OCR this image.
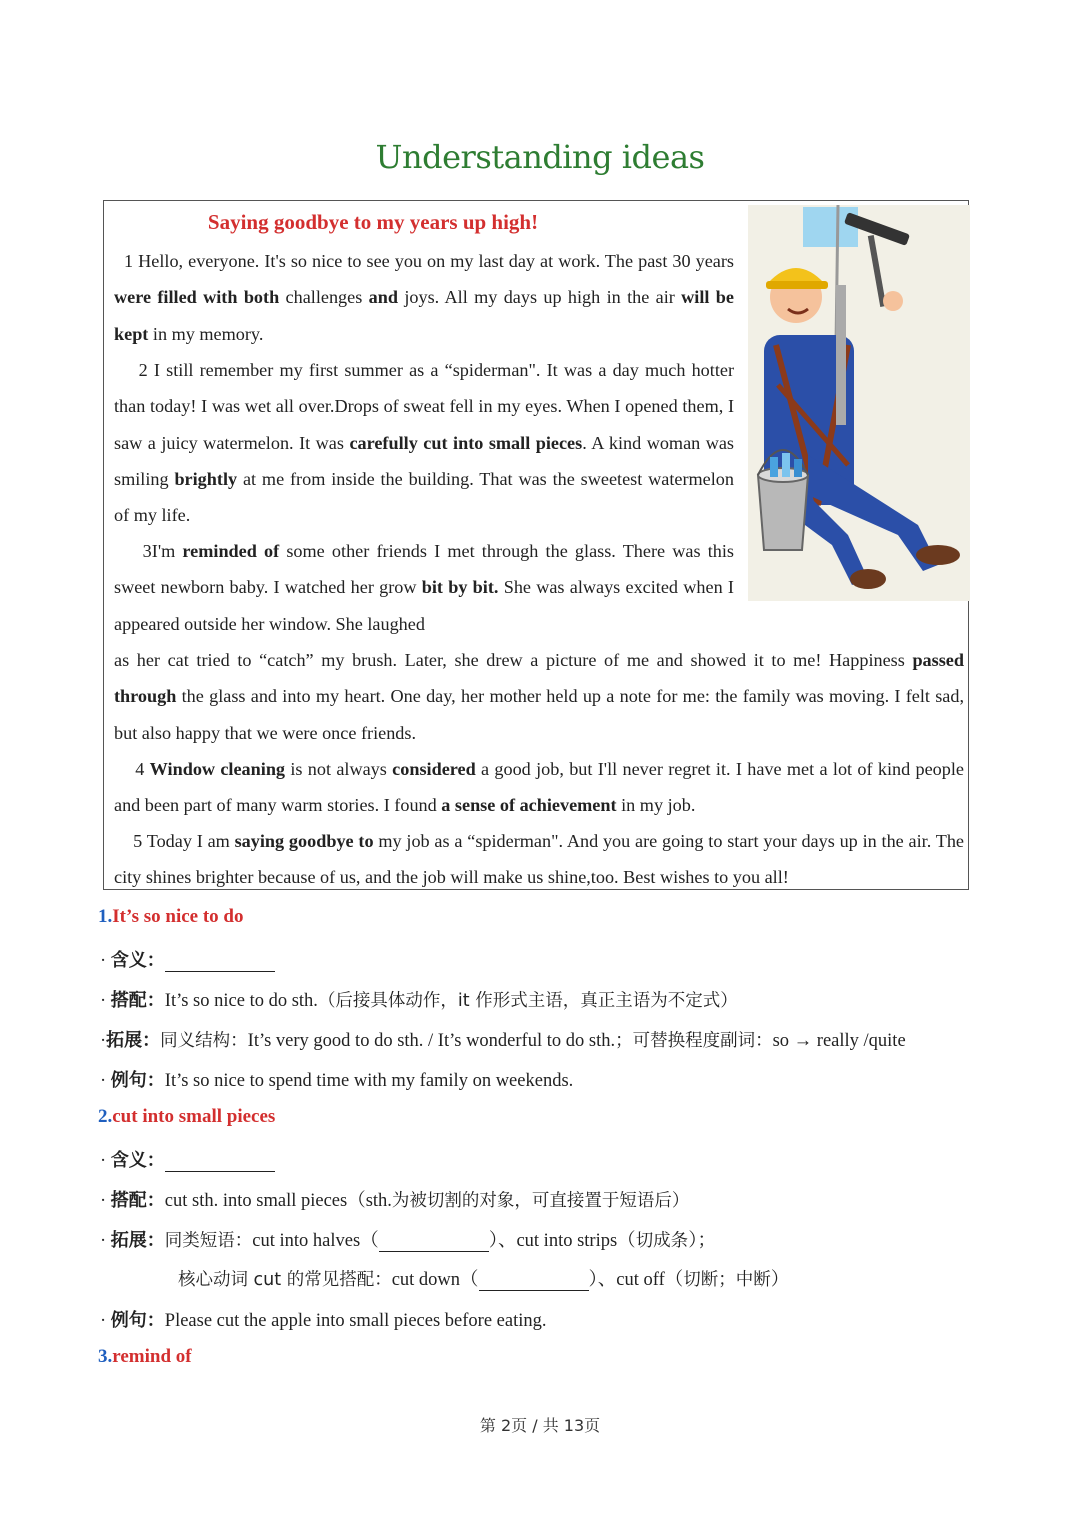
Understanding ideas
Saying goodbye to my years up high!

1 Hello, everyone. It's so nice to see you on my last day at work. The past 30 years were filled with both challenges and joys. All my days up high in the air will be kept in my memory.

2 I still remember my first summer as a “spiderman". It was a day much hotter than today! I was wet all over.Drops of sweat fell in my eyes. When I opened them, I saw a juicy watermelon. It was carefully cut into small pieces. A kind woman was smiling brightly at me from inside the building. That was the sweetest watermelon of my life.

3I'm reminded of some other friends I met through the glass. There was this sweet newborn baby. I watched her grow bit by bit. She was always excited when I appeared outside her window. She laughed

as her cat tried to “catch” my brush. Later, she drew a picture of me and showed it to me! Happiness passed through the glass and into my heart. One day, her mother held up a note for me: the family was moving. I felt sad, but also happy that we were once friends.

4 Window cleaning is not always considered a good job, but I'll never regret it. I have met a lot of kind people and been part of many warm stories. I found a sense of achievement in my job.

5 Today I am saying goodbye to my job as a “spiderman". And you are going to start your days up in the air. The city shines brighter because of us, and the job will make us shine,too. Best wishes to you all!

1.It’s so nice to do
· 含义：
· 搭配：It’s so nice to do sth.（后接具体动作，it 作形式主语，真正主语为不定式）
·拓展：同义结构：It’s very good to do sth. / It’s wonderful to do sth.；可替换程度副词：so → really /quite
· 例句：It’s so nice to spend time with my family on weekends.
2.cut into small pieces
· 含义：
· 搭配：cut sth. into small pieces（sth.为被切割的对象，可直接置于短语后）
· 拓展：同类短语：cut into halves（	）、cut into strips（切成条）；
核心动词 cut 的常见搭配：cut down（	）、cut off（切断；中断）
· 例句：Please cut the apple into small pieces before eating.
3.remind of
第 2页 / 共 13页
